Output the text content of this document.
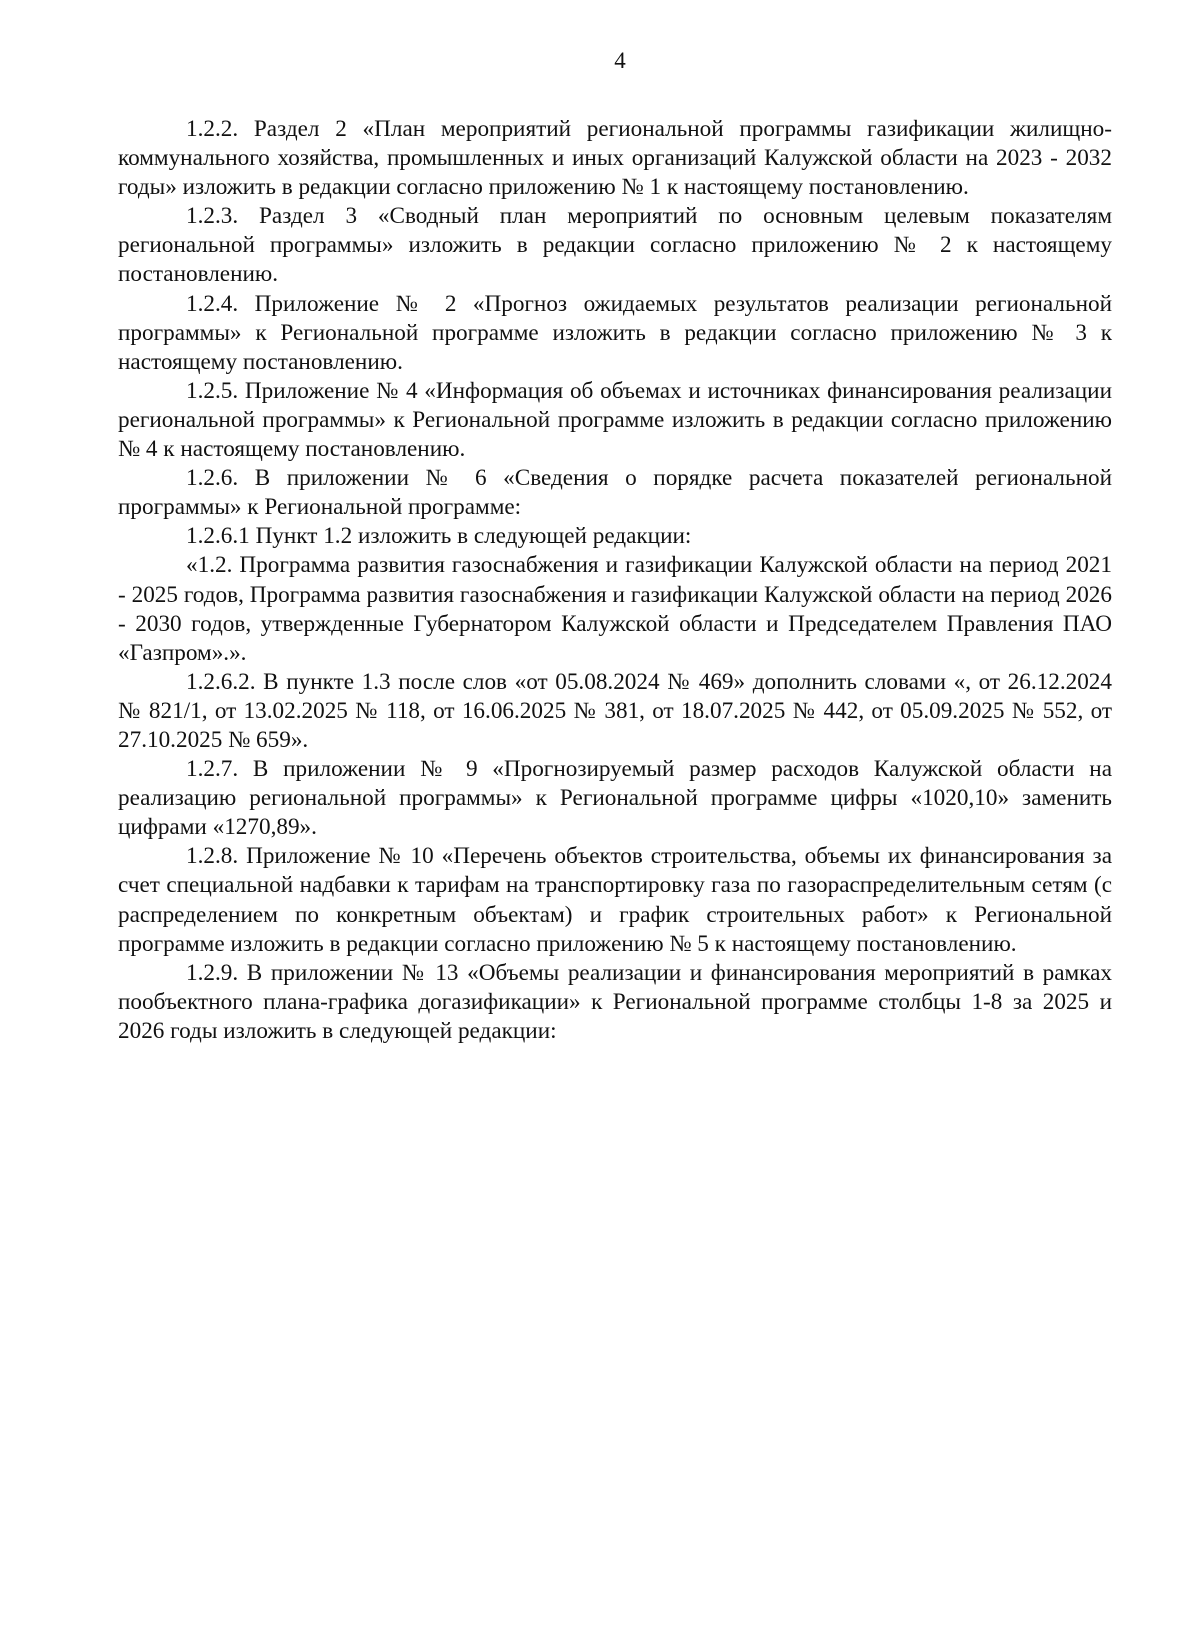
4

1.2.2. Раздел 2 «План мероприятий региональной программы газификации жилищно-коммунального хозяйства, промышленных и иных организаций Калужской области на 2023 - 2032 годы» изложить в редакции согласно приложению № 1 к настоящему постановлению.

1.2.3. Раздел 3 «Сводный план мероприятий по основным целевым показателям региональной программы» изложить в редакции согласно приложению № 2 к настоящему постановлению.

1.2.4. Приложение № 2 «Прогноз ожидаемых результатов реализации региональной программы» к Региональной программе изложить в редакции согласно приложению № 3 к настоящему постановлению.

1.2.5. Приложение № 4 «Информация об объемах и источниках финансирования реализации региональной программы» к Региональной программе изложить в редакции согласно приложению № 4 к настоящему постановлению.

1.2.6. В приложении № 6 «Сведения о порядке расчета показателей региональной программы» к Региональной программе:

1.2.6.1 Пункт 1.2 изложить в следующей редакции:

«1.2. Программа развития газоснабжения и газификации Калужской области на период 2021 - 2025 годов, Программа развития газоснабжения и газификации Калужской области на период 2026 - 2030 годов, утвержденные Губернатором Калужской области и Председателем Правления ПАО «Газпром».».

1.2.6.2. В пункте 1.3 после слов «от 05.08.2024 № 469» дополнить словами «, от 26.12.2024 № 821/1, от 13.02.2025 № 118, от 16.06.2025 № 381, от 18.07.2025 № 442, от 05.09.2025 № 552, от 27.10.2025 № 659».

1.2.7. В приложении № 9 «Прогнозируемый размер расходов Калужской области на реализацию региональной программы» к Региональной программе цифры «1020,10» заменить цифрами «1270,89».

1.2.8. Приложение № 10 «Перечень объектов строительства, объемы их финансирования за счет специальной надбавки к тарифам на транспортировку газа по газораспределительным сетям (с распределением по конкретным объектам) и график строительных работ» к Региональной программе изложить в редакции согласно приложению № 5 к настоящему постановлению.

1.2.9. В приложении № 13 «Объемы реализации и финансирования мероприятий в рамках пообъектного плана-графика догазификации» к Региональной программе столбцы 1-8 за 2025 и 2026 годы изложить в следующей редакции:
